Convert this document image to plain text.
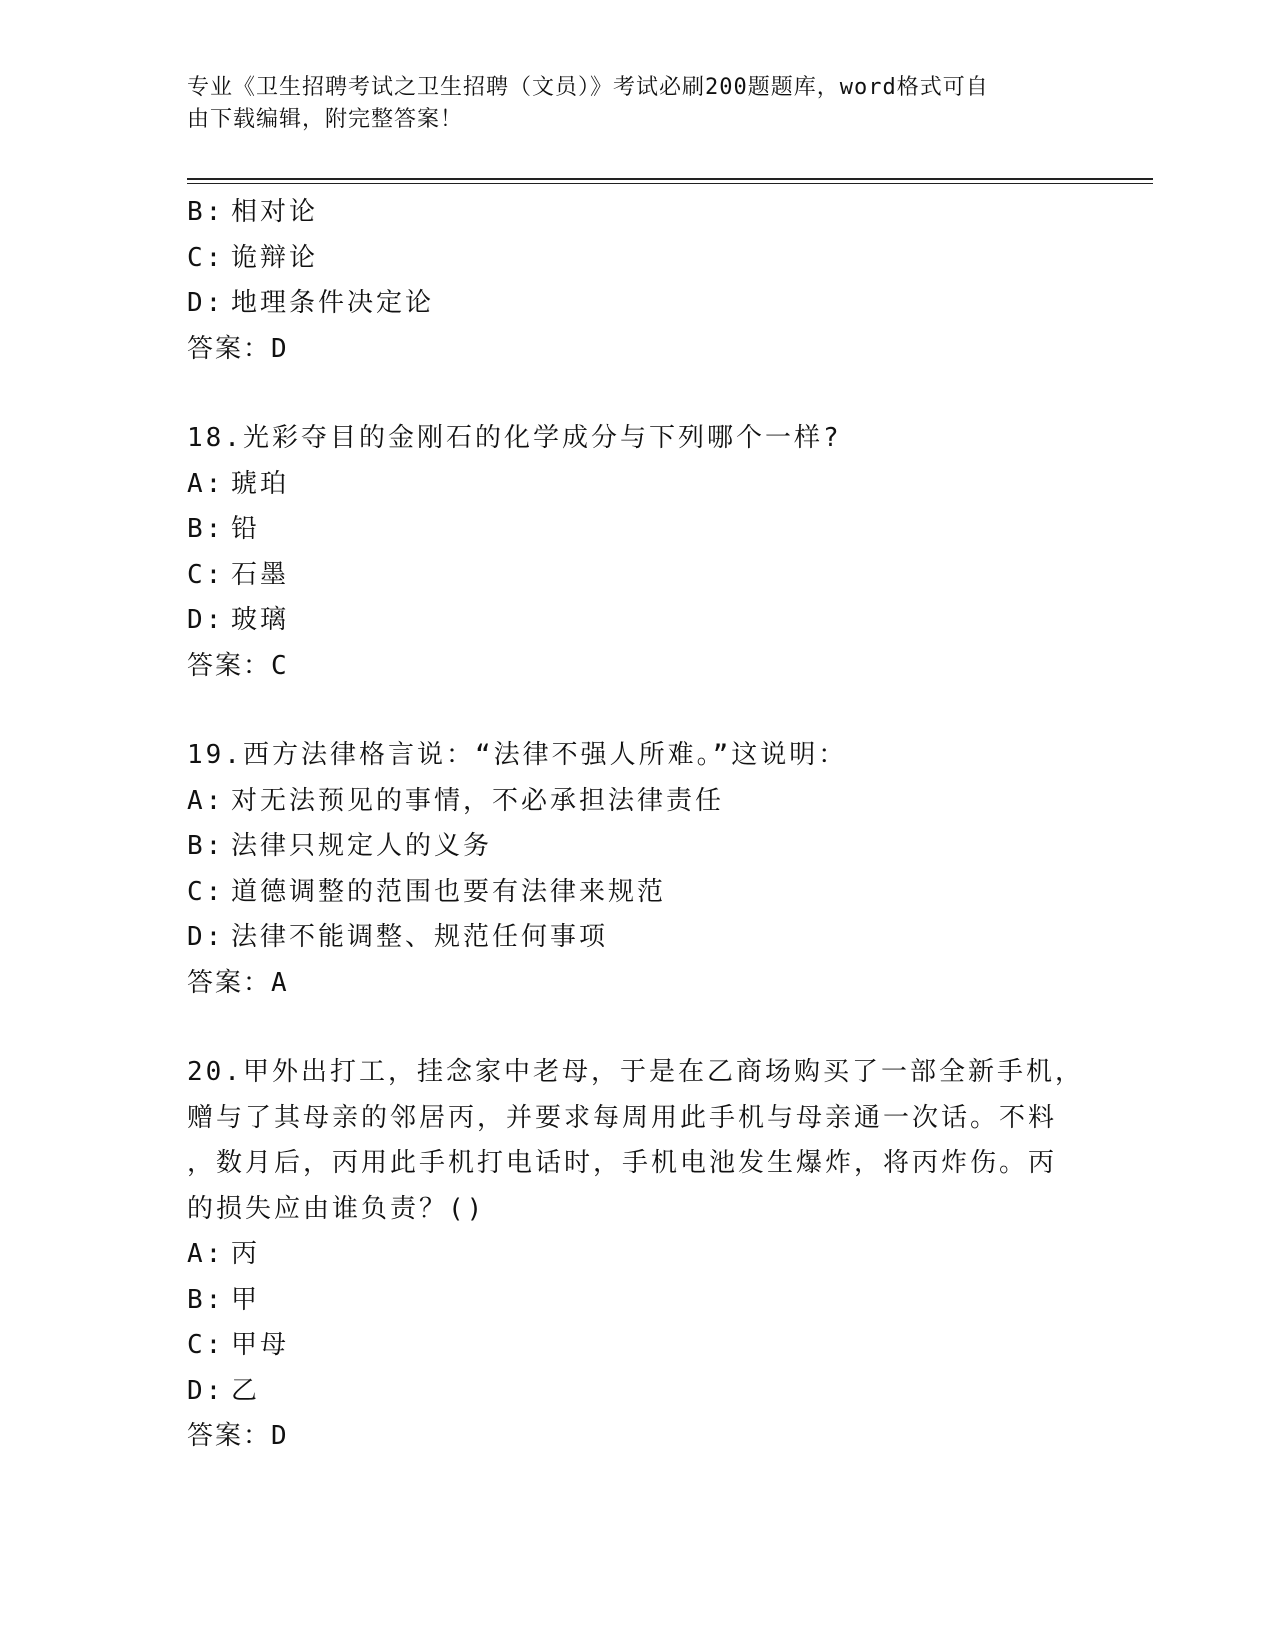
专业《卫生招聘考试之卫生招聘（文员）》考试必刷200题题库，word格式可自
由下载编辑，附完整答案！
B: 相对论
C: 诡辩论
D: 地理条件决定论
答案：D
18.光彩夺目的金刚石的化学成分与下列哪个一样?
A: 琥珀
B: 铅
C: 石墨
D: 玻璃
答案：C
19.西方法律格言说：“法律不强人所难。”这说明：
A: 对无法预见的事情，不必承担法律责任
B: 法律只规定人的义务
C: 道德调整的范围也要有法律来规范
D: 法律不能调整、规范任何事项
答案：A
20.甲外出打工，挂念家中老母，于是在乙商场购买了一部全新手机，
赠与了其母亲的邻居丙，并要求每周用此手机与母亲通一次话。不料
，数月后，丙用此手机打电话时，手机电池发生爆炸，将丙炸伤。丙
的损失应由谁负责？()
A: 丙
B: 甲
C: 甲母
D: 乙
答案：D
